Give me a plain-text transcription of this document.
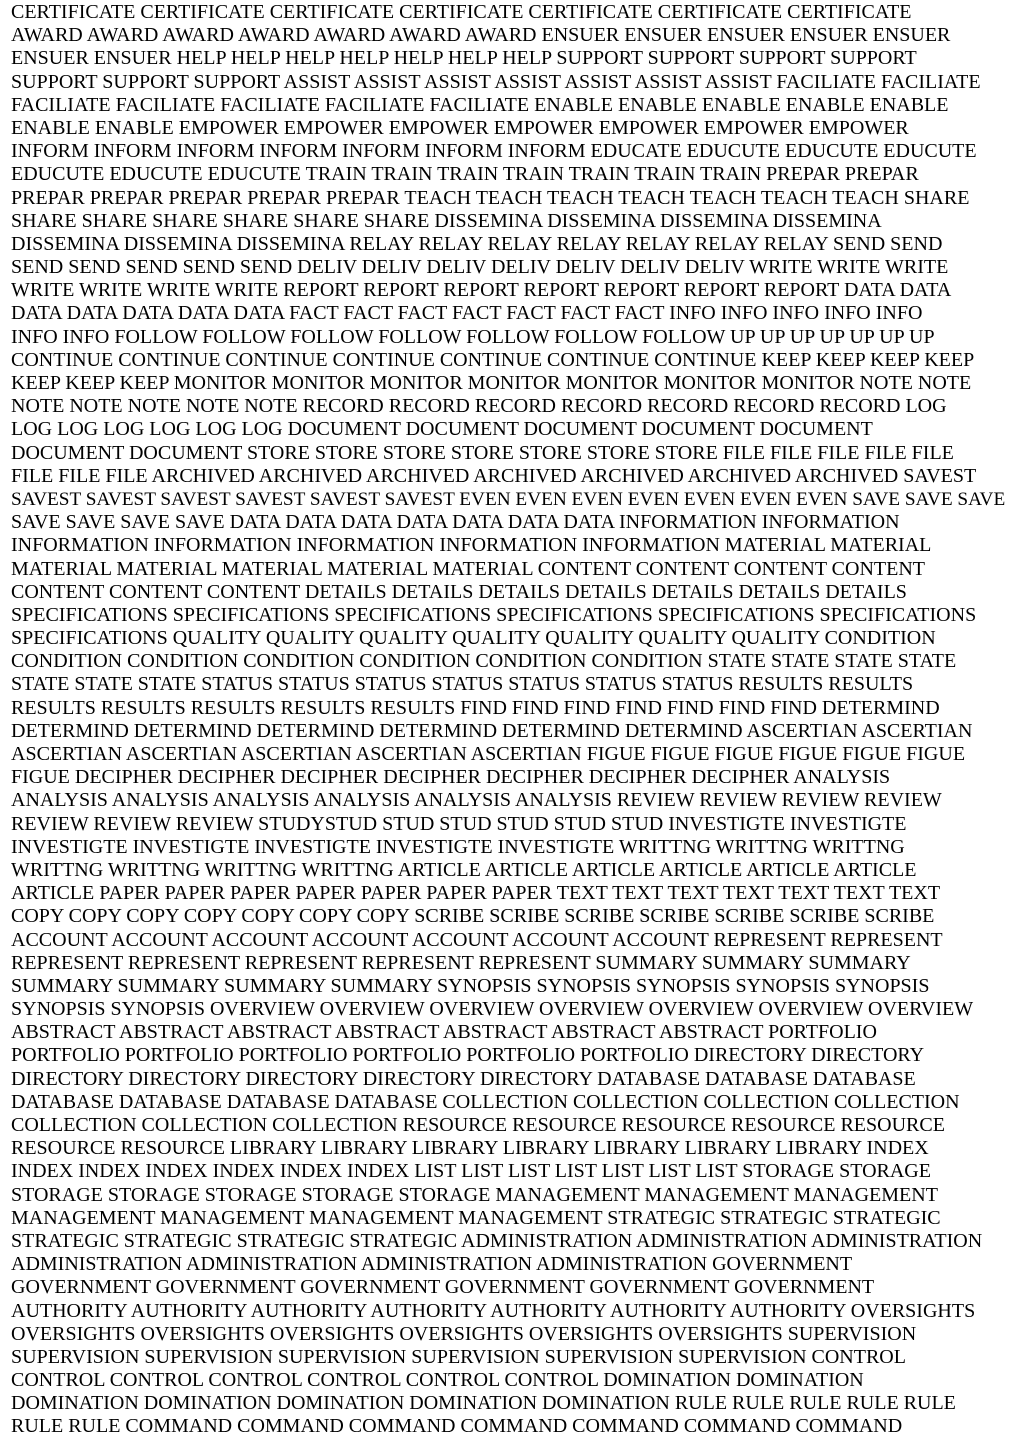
CERTIFICATE CERTIFICATE CERTIFICATE CERTIFICATE CERTIFICATE CERTIFICATE CERTIFICATE
AWARD AWARD AWARD AWARD AWARD AWARD AWARD ENSUER ENSUER ENSUER ENSUER ENSUER
ENSUER ENSUER HELP HELP HELP HELP HELP HELP HELP SUPPORT SUPPORT SUPPORT SUPPORT
SUPPORT SUPPORT SUPPORT ASSIST ASSIST ASSIST ASSIST ASSIST ASSIST ASSIST FACILIATE FACILIATE
FACILIATE FACILIATE FACILIATE FACILIATE FACILIATE ENABLE ENABLE ENABLE ENABLE ENABLE
ENABLE ENABLE EMPOWER EMPOWER EMPOWER EMPOWER EMPOWER EMPOWER EMPOWER
INFORM INFORM INFORM INFORM INFORM INFORM INFORM EDUCATE EDUCUTE EDUCUTE EDUCUTE
EDUCUTE EDUCUTE EDUCUTE TRAIN TRAIN TRAIN TRAIN TRAIN TRAIN TRAIN PREPAR PREPAR
PREPAR PREPAR PREPAR PREPAR PREPAR TEACH TEACH TEACH TEACH TEACH TEACH TEACH SHARE
SHARE SHARE SHARE SHARE SHARE SHARE DISSEMINA DISSEMINA DISSEMINA DISSEMINA
DISSEMINA DISSEMINA DISSEMINA RELAY RELAY RELAY RELAY RELAY RELAY RELAY SEND SEND
SEND SEND SEND SEND SEND DELIV DELIV DELIV DELIV DELIV DELIV DELIV WRITE WRITE WRITE
WRITE WRITE WRITE WRITE REPORT REPORT REPORT REPORT REPORT REPORT REPORT DATA DATA
DATA DATA DATA DATA DATA FACT FACT FACT FACT FACT FACT FACT INFO INFO INFO INFO INFO
INFO INFO FOLLOW FOLLOW FOLLOW FOLLOW FOLLOW FOLLOW FOLLOW UP UP UP UP UP UP UP
CONTINUE CONTINUE CONTINUE CONTINUE CONTINUE CONTINUE CONTINUE KEEP KEEP KEEP KEEP
KEEP KEEP KEEP MONITOR MONITOR MONITOR MONITOR MONITOR MONITOR MONITOR NOTE NOTE
NOTE NOTE NOTE NOTE NOTE RECORD RECORD RECORD RECORD RECORD RECORD RECORD LOG
LOG LOG LOG LOG LOG LOG DOCUMENT DOCUMENT DOCUMENT DOCUMENT DOCUMENT
DOCUMENT DOCUMENT STORE STORE STORE STORE STORE STORE STORE FILE FILE FILE FILE FILE
FILE FILE FILE ARCHIVED ARCHIVED ARCHIVED ARCHIVED ARCHIVED ARCHIVED ARCHIVED SAVEST
SAVEST SAVEST SAVEST SAVEST SAVEST SAVEST EVEN EVEN EVEN EVEN EVEN EVEN EVEN SAVE SAVE SAVE
SAVE SAVE SAVE SAVE DATA DATA DATA DATA DATA DATA DATA INFORMATION INFORMATION
INFORMATION INFORMATION INFORMATION INFORMATION INFORMATION MATERIAL MATERIAL
MATERIAL MATERIAL MATERIAL MATERIAL MATERIAL CONTENT CONTENT CONTENT CONTENT
CONTENT CONTENT CONTENT DETAILS DETAILS DETAILS DETAILS DETAILS DETAILS DETAILS
SPECIFICATIONS SPECIFICATIONS SPECIFICATIONS SPECIFICATIONS SPECIFICATIONS SPECIFICATIONS
SPECIFICATIONS QUALITY QUALITY QUALITY QUALITY QUALITY QUALITY QUALITY CONDITION
CONDITION CONDITION CONDITION CONDITION CONDITION CONDITION STATE STATE STATE STATE
STATE STATE STATE STATUS STATUS STATUS STATUS STATUS STATUS STATUS RESULTS RESULTS
RESULTS RESULTS RESULTS RESULTS RESULTS FIND FIND FIND FIND FIND FIND FIND DETERMIND
DETERMIND DETERMIND DETERMIND DETERMIND DETERMIND DETERMIND ASCERTIAN ASCERTIAN
ASCERTIAN ASCERTIAN ASCERTIAN ASCERTIAN ASCERTIAN FIGUE FIGUE FIGUE FIGUE FIGUE FIGUE
FIGUE DECIPHER DECIPHER DECIPHER DECIPHER DECIPHER DECIPHER DECIPHER ANALYSIS
ANALYSIS ANALYSIS ANALYSIS ANALYSIS ANALYSIS ANALYSIS REVIEW REVIEW REVIEW REVIEW
REVIEW REVIEW REVIEW STUDYSTUD STUD STUD STUD STUD STUD INVESTIGTE INVESTIGTE
INVESTIGTE INVESTIGTE INVESTIGTE INVESTIGTE INVESTIGTE WRITTNG WRITTNG WRITTNG
WRITTNG WRITTNG WRITTNG WRITTNG ARTICLE ARTICLE ARTICLE ARTICLE ARTICLE ARTICLE
ARTICLE PAPER PAPER PAPER PAPER PAPER PAPER PAPER TEXT TEXT TEXT TEXT TEXT TEXT TEXT
COPY COPY COPY COPY COPY COPY COPY SCRIBE SCRIBE SCRIBE SCRIBE SCRIBE SCRIBE SCRIBE
ACCOUNT ACCOUNT ACCOUNT ACCOUNT ACCOUNT ACCOUNT ACCOUNT REPRESENT REPRESENT
REPRESENT REPRESENT REPRESENT REPRESENT REPRESENT SUMMARY SUMMARY SUMMARY
SUMMARY SUMMARY SUMMARY SUMMARY SYNOPSIS SYNOPSIS SYNOPSIS SYNOPSIS SYNOPSIS
SYNOPSIS SYNOPSIS OVERVIEW OVERVIEW OVERVIEW OVERVIEW OVERVIEW OVERVIEW OVERVIEW
ABSTRACT ABSTRACT ABSTRACT ABSTRACT ABSTRACT ABSTRACT ABSTRACT PORTFOLIO
PORTFOLIO PORTFOLIO PORTFOLIO PORTFOLIO PORTFOLIO PORTFOLIO DIRECTORY DIRECTORY
DIRECTORY DIRECTORY DIRECTORY DIRECTORY DIRECTORY DATABASE DATABASE DATABASE
DATABASE DATABASE DATABASE DATABASE COLLECTION COLLECTION COLLECTION COLLECTION
COLLECTION COLLECTION COLLECTION RESOURCE RESOURCE RESOURCE RESOURCE RESOURCE
RESOURCE RESOURCE LIBRARY LIBRARY LIBRARY LIBRARY LIBRARY LIBRARY LIBRARY INDEX
INDEX INDEX INDEX INDEX INDEX INDEX LIST LIST LIST LIST LIST LIST LIST STORAGE STORAGE
STORAGE STORAGE STORAGE STORAGE STORAGE MANAGEMENT MANAGEMENT MANAGEMENT
MANAGEMENT MANAGEMENT MANAGEMENT MANAGEMENT STRATEGIC STRATEGIC STRATEGIC
STRATEGIC STRATEGIC STRATEGIC STRATEGIC ADMINISTRATION ADMINISTRATION ADMINISTRATION
ADMINISTRATION ADMINISTRATION ADMINISTRATION ADMINISTRATION GOVERNMENT
GOVERNMENT GOVERNMENT GOVERNMENT GOVERNMENT GOVERNMENT GOVERNMENT
AUTHORITY AUTHORITY AUTHORITY AUTHORITY AUTHORITY AUTHORITY AUTHORITY OVERSIGHTS
OVERSIGHTS OVERSIGHTS OVERSIGHTS OVERSIGHTS OVERSIGHTS OVERSIGHTS SUPERVISION
SUPERVISION SUPERVISION SUPERVISION SUPERVISION SUPERVISION SUPERVISION CONTROL
CONTROL CONTROL CONTROL CONTROL CONTROL CONTROL DOMINATION DOMINATION
DOMINATION DOMINATION DOMINATION DOMINATION DOMINATION RULE RULE RULE RULE RULE
RULE RULE COMMAND COMMAND COMMAND COMMAND COMMAND COMMAND COMMAND
